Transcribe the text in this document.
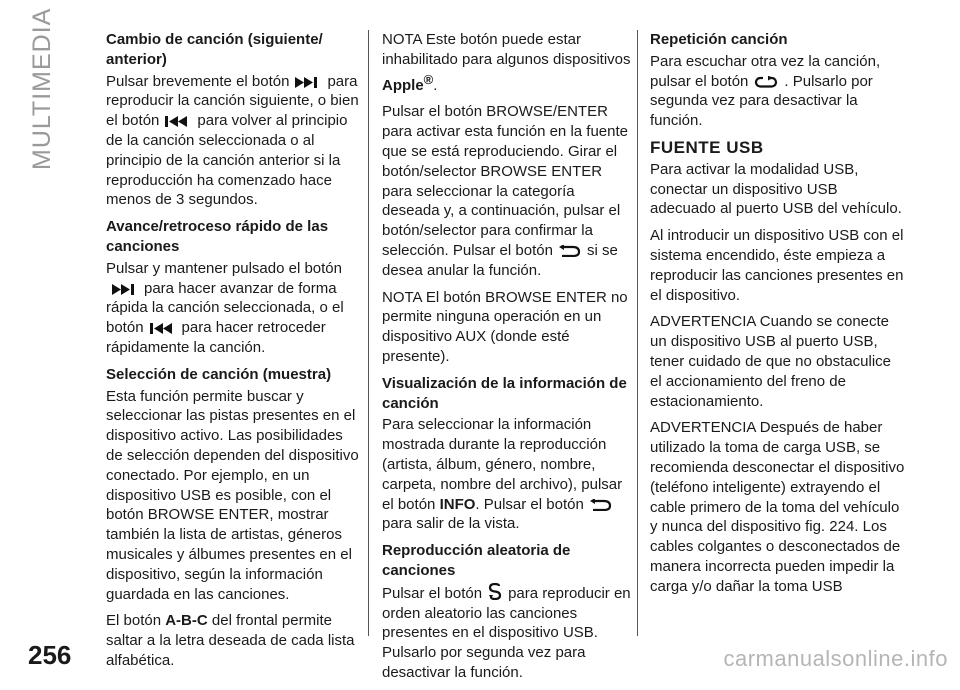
MULTIMEDIA	Cambio de canción (siguiente/ anterior)

Pulsar brevemente el botón	para reproducir la canción siguiente, o bien el botón	para volver al principio de la canción seleccionada o al principio de la canción anterior si la reproducción ha comenzado hace menos de 3 segundos.

Avance/retroceso rápido de las canciones

Pulsar y mantener pulsado el botónpara hacer avanzar de forma rápida la canción seleccionada, o el botón	para hacer retroceder rápidamente la canción.

Selección de canción (muestra)

Esta función permite buscar y seleccionar las pistas presentes en el dispositivo activo. Las posibilidades de selección dependen del dispositivo conectado. Por ejemplo, en un dispositivo USB es posible, con el botón BROWSE ENTER, mostrar también la lista de artistas, géneros musicales y álbumes presentes en el dispositivo, según la información guardada en las canciones.

El botón A-B-C del frontal permite saltar a la letra deseada de cada lista alfabética.

NOTA Este botón puede estar inhabilitado para algunos dispositivos Apple®.

Pulsar el botón BROWSE/ENTER para activar esta función en la fuente que se está reproduciendo. Girar el botón/selector BROWSE ENTER para seleccionar la categoría deseada y, a continuación, pulsar el botón/selector para confirmar la selección. Pulsar el botón si se desea anular la función.

NOTA El botón BROWSE ENTER no permite ninguna operación en un dispositivo AUX (donde esté presente).

Visualización de la información de canción

Para seleccionar la información mostrada durante la reproducción (artista, álbum, género, nombre, carpeta, nombre del archivo), pulsar el botón INFO. Pulsar el botónpara salir de la vista.

Reproducción aleatoria de canciones

Pulsar el botón para reproducir en orden aleatorio las canciones presentes en el dispositivo USB. Pulsarlo por segunda vez para desactivar la función.

Repetición canción

Para escuchar otra vez la canción, pulsar el botón . Pulsarlo por segunda vez para desactivar la función.

FUENTE USB

Para activar la modalidad USB, conectar un dispositivo USB adecuado al puerto USB del vehículo.

Al introducir un dispositivo USB con el sistema encendido, éste empieza a reproducir las canciones presentes en el dispositivo.

ADVERTENCIA Cuando se conecte un dispositivo USB al puerto USB, tener cuidado de que no obstaculice el accionamiento del freno de estacionamiento.

ADVERTENCIA Después de haber utilizado la toma de carga USB, se recomienda desconectar el dispositivo (teléfono inteligente) extrayendo el cable primero de la toma del vehículo y nunca del dispositivo fig. 224. Los cables colgantes o desconectados de manera incorrecta pueden impedir la carga y/o dañar la toma USB

256	carmanualsonline.info
